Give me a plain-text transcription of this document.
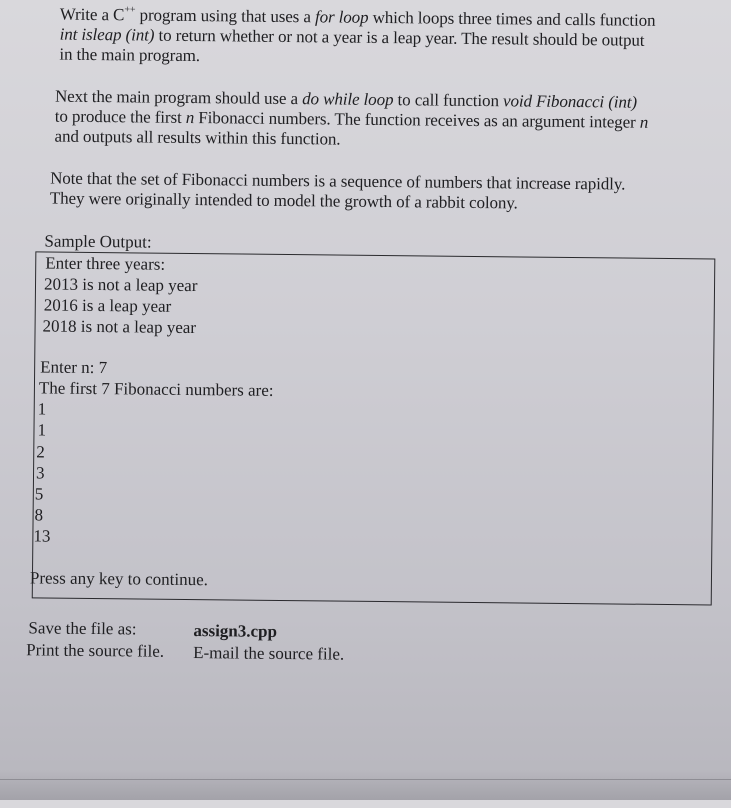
Write a C++ program using that uses a for loop which loops three times and calls function
int isleap (int) to return whether or not a year is a leap year. The result should be output
in the main program.
Next the main program should use a do while loop to call function void Fibonacci (int)
to produce the first n Fibonacci numbers. The function receives as an argument integer n
and outputs all results within this function.
Note that the set of Fibonacci numbers is a sequence of numbers that increase rapidly.
They were originally intended to model the growth of a rabbit colony.
Sample Output:
Enter three years:
2013 is not a leap year
2016 is a leap year
2018 is not a leap year
Enter n: 7
The first 7 Fibonacci numbers are:
1
1
2
3
5
8
13
Press any key to continue.
Save the file as:	assign3.cpp
Print the source file. E-mail the source file.
